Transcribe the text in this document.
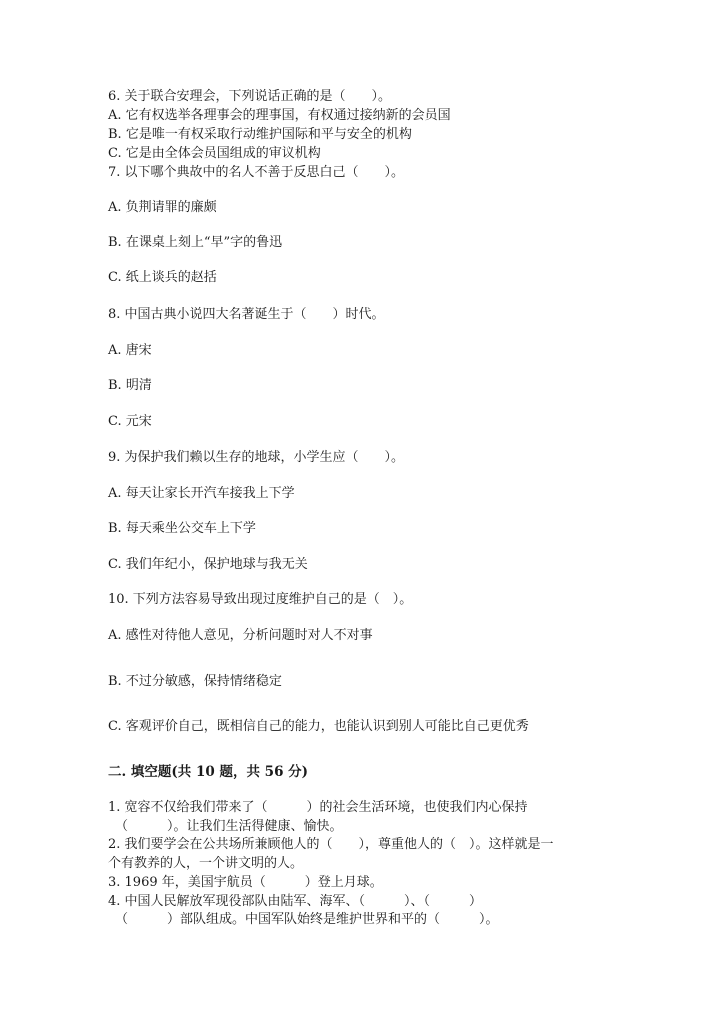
6. 关于联合安理会，下列说话正确的是（　　）。
A. 它有权选举各理事会的理事国，有权通过接纳新的会员国
B. 它是唯一有权采取行动维护国际和平与安全的机构
C. 它是由全体会员国组成的审议机构
7. 以下哪个典故中的名人不善于反思白己（　　）。
A. 负荆请罪的廉颇
B. 在课桌上刻上“早”字的鲁迅
C. 纸上谈兵的赵括
8. 中国古典小说四大名著诞生于（　　）时代。
A. 唐宋
B. 明清
C. 元宋
9. 为保护我们赖以生存的地球，小学生应（　　）。
A. 每天让家长开汽车接我上下学
B. 每天乘坐公交车上下学
C. 我们年纪小，保护地球与我无关
10. 下列方法容易导致出现过度维护自己的是（　）。
A. 感性对待他人意见，分析问题时对人不对事
B. 不过分敏感，保持情绪稳定
C. 客观评价自己，既相信自己的能力，也能认识到别人可能比自己更优秀
二. 填空题(共 10 题，共 56 分)
1. 宽容不仅给我们带来了（　　　）的社会生活环境，也使我们内心保持
（　　　）。让我们生活得健康、愉快。
2. 我们要学会在公共场所兼顾他人的（　　），尊重他人的（　）。这样就是一
个有教养的人，一个讲文明的人。
3. 1969 年，美国宇航员（　　　）登上月球。
4. 中国人民解放军现役部队由陆军、海军、（　　　）、（　　　）
（　　　）部队组成。中国军队始终是维护世界和平的（　　　）。
